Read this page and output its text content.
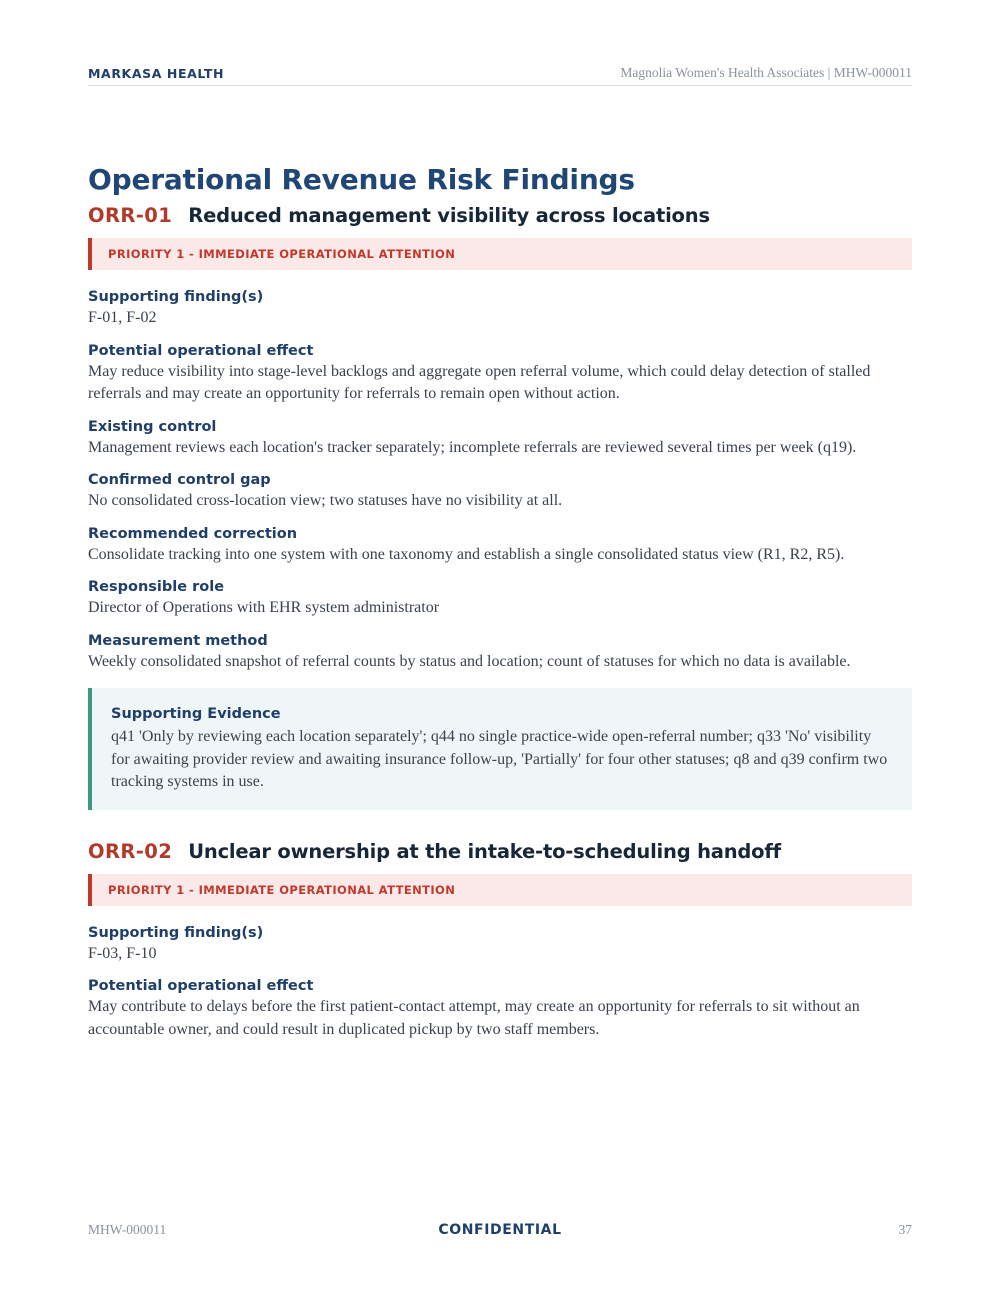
MARKASA HEALTH	Magnolia Women's Health Associates | MHW-000011
Operational Revenue Risk Findings
ORR-01 Reduced management visibility across locations
PRIORITY 1 - IMMEDIATE OPERATIONAL ATTENTION
Supporting finding(s)
F-01, F-02
Potential operational effect
May reduce visibility into stage-level backlogs and aggregate open referral volume, which could delay detection of stalled referrals and may create an opportunity for referrals to remain open without action.
Existing control
Management reviews each location's tracker separately; incomplete referrals are reviewed several times per week (q19).
Confirmed control gap
No consolidated cross-location view; two statuses have no visibility at all.
Recommended correction
Consolidate tracking into one system with one taxonomy and establish a single consolidated status view (R1, R2, R5).
Responsible role
Director of Operations with EHR system administrator
Measurement method
Weekly consolidated snapshot of referral counts by status and location; count of statuses for which no data is available.
Supporting Evidence
q41 'Only by reviewing each location separately'; q44 no single practice-wide open-referral number; q33 'No' visibility for awaiting provider review and awaiting insurance follow-up, 'Partially' for four other statuses; q8 and q39 confirm two tracking systems in use.
ORR-02 Unclear ownership at the intake-to-scheduling handoff
PRIORITY 1 - IMMEDIATE OPERATIONAL ATTENTION
Supporting finding(s)
F-03, F-10
Potential operational effect
May contribute to delays before the first patient-contact attempt, may create an opportunity for referrals to sit without an accountable owner, and could result in duplicated pickup by two staff members.
MHW-000011	CONFIDENTIAL	37
